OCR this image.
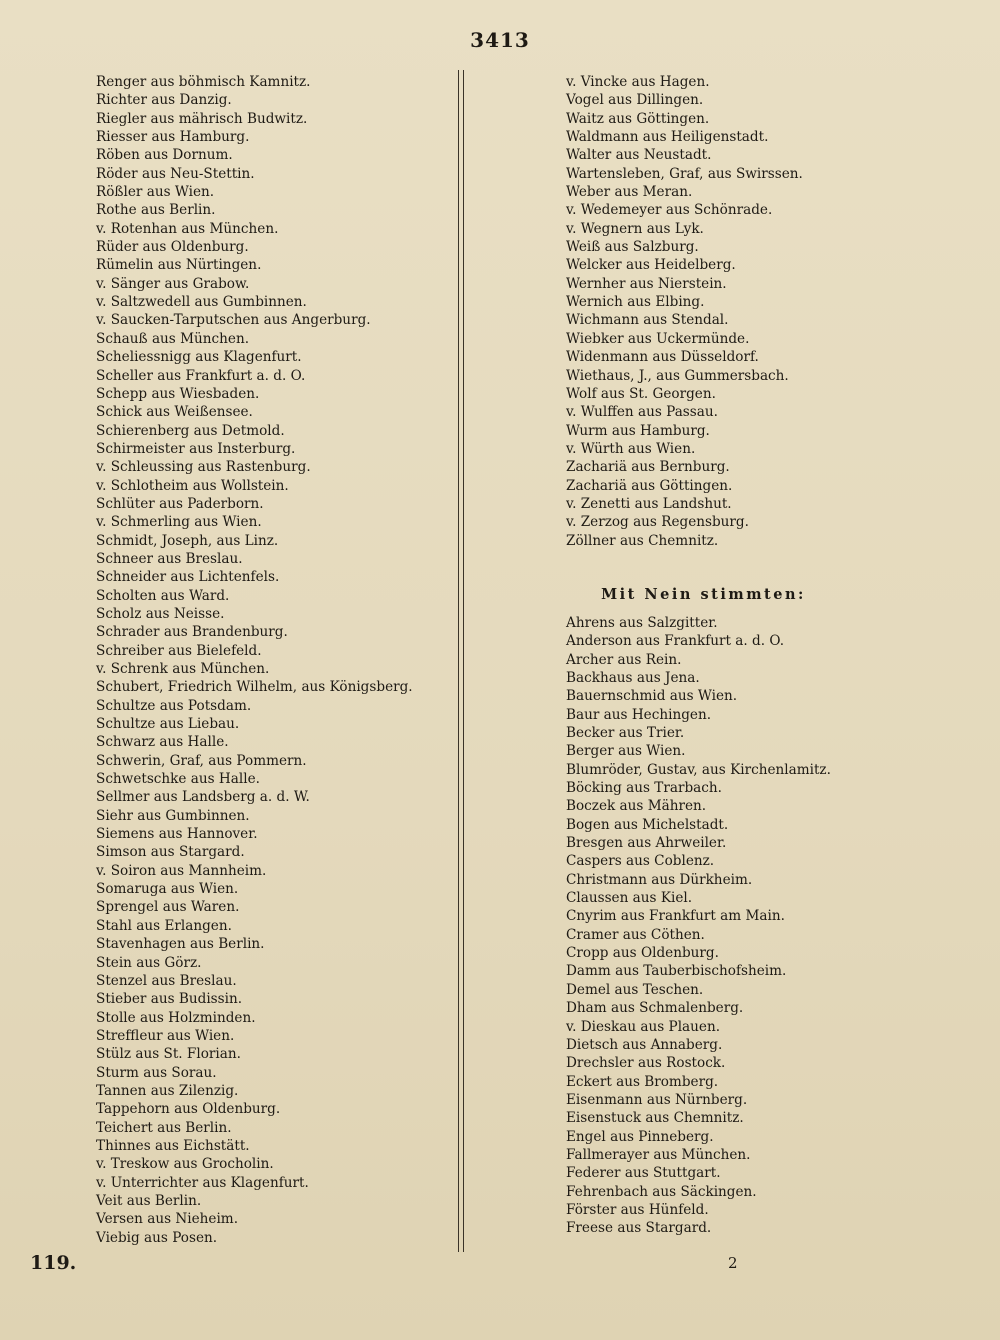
3413
Renger aus böhmisch Kamnitz.
Richter aus Danzig.
Riegler aus mährisch Budwitz.
Riesser aus Hamburg.
Röben aus Dornum.
Röder aus Neu-Stettin.
Rößler aus Wien.
Rothe aus Berlin.
v. Rotenhan aus München.
Rüder aus Oldenburg.
Rümelin aus Nürtingen.
v. Sänger aus Grabow.
v. Saltzwedell aus Gumbinnen.
v. Saucken-Tarputschen aus Angerburg.
Schauß aus München.
Scheliessnigg aus Klagenfurt.
Scheller aus Frankfurt a. d. O.
Schepp aus Wiesbaden.
Schick aus Weißensee.
Schierenberg aus Detmold.
Schirmeister aus Insterburg.
v. Schleussing aus Rastenburg.
v. Schlotheim aus Wollstein.
Schlüter aus Paderborn.
v. Schmerling aus Wien.
Schmidt, Joseph, aus Linz.
Schneer aus Breslau.
Schneider aus Lichtenfels.
Scholten aus Ward.
Scholz aus Neisse.
Schrader aus Brandenburg.
Schreiber aus Bielefeld.
v. Schrenk aus München.
Schubert, Friedrich Wilhelm, aus Königsberg.
Schultze aus Potsdam.
Schultze aus Liebau.
Schwarz aus Halle.
Schwerin, Graf, aus Pommern.
Schwetschke aus Halle.
Sellmer aus Landsberg a. d. W.
Siehr aus Gumbinnen.
Siemens aus Hannover.
Simson aus Stargard.
v. Soiron aus Mannheim.
Somaruga aus Wien.
Sprengel aus Waren.
Stahl aus Erlangen.
Stavenhagen aus Berlin.
Stein aus Görz.
Stenzel aus Breslau.
Stieber aus Budissin.
Stolle aus Holzminden.
Streffleur aus Wien.
Stülz aus St. Florian.
Sturm aus Sorau.
Tannen aus Zilenzig.
Tappehorn aus Oldenburg.
Teichert aus Berlin.
Thinnes aus Eichstätt.
v. Treskow aus Grocholin.
v. Unterrichter aus Klagenfurt.
Veit aus Berlin.
Versen aus Nieheim.
Viebig aus Posen.
v. Vincke aus Hagen.
Vogel aus Dillingen.
Waitz aus Göttingen.
Waldmann aus Heiligenstadt.
Walter aus Neustadt.
Wartensleben, Graf, aus Swirssen.
Weber aus Meran.
v. Wedemeyer aus Schönrade.
v. Wegnern aus Lyk.
Weiß aus Salzburg.
Welcker aus Heidelberg.
Wernher aus Nierstein.
Wernich aus Elbing.
Wichmann aus Stendal.
Wiebker aus Uckermünde.
Widenmann aus Düsseldorf.
Wiethaus, J., aus Gummersbach.
Wolf aus St. Georgen.
v. Wulffen aus Passau.
Wurm aus Hamburg.
v. Würth aus Wien.
Zachariä aus Bernburg.
Zachariä aus Göttingen.
v. Zenetti aus Landshut.
v. Zerzog aus Regensburg.
Zöllner aus Chemnitz.
Mit Nein stimmten:
Ahrens aus Salzgitter.
Anderson aus Frankfurt a. d. O.
Archer aus Rein.
Backhaus aus Jena.
Bauernschmid aus Wien.
Baur aus Hechingen.
Becker aus Trier.
Berger aus Wien.
Blumröder, Gustav, aus Kirchenlamitz.
Böcking aus Trarbach.
Boczek aus Mähren.
Bogen aus Michelstadt.
Bresgen aus Ahrweiler.
Caspers aus Coblenz.
Christmann aus Dürkheim.
Claussen aus Kiel.
Cnyrim aus Frankfurt am Main.
Cramer aus Cöthen.
Cropp aus Oldenburg.
Damm aus Tauberbischofsheim.
Demel aus Teschen.
Dham aus Schmalenberg.
v. Dieskau aus Plauen.
Dietsch aus Annaberg.
Drechsler aus Rostock.
Eckert aus Bromberg.
Eisenmann aus Nürnberg.
Eisenstuck aus Chemnitz.
Engel aus Pinneberg.
Fallmerayer aus München.
Federer aus Stuttgart.
Fehrenbach aus Säckingen.
Förster aus Hünfeld.
Freese aus Stargard.
119.	2
